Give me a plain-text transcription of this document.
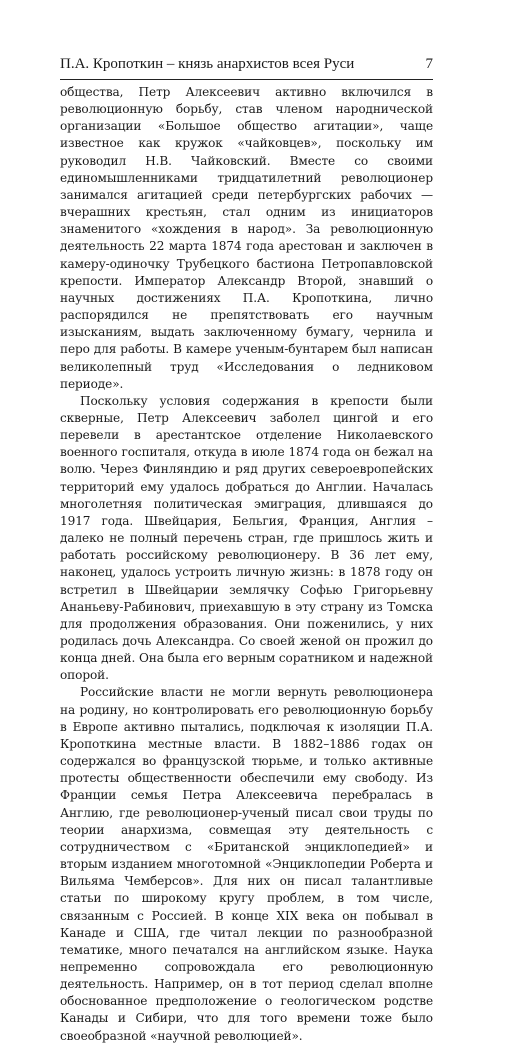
П.А. Кропоткин – князь анархистов всея Руси	7

общества, Петр Алексеевич активно включился в революционную борьбу, став членом народнической организации «Большое общество агитации», чаще известное как кружок «чайковцев», поскольку им руководил Н.В. Чайковский. Вместе со своими единомышленниками тридцатилетний революционер занимался агитацией среди петербургских рабочих — вчерашних крестьян, стал одним из инициаторов знаменитого «хождения в народ». За революционную деятельность 22 марта 1874 года арестован и заключен в камеру-одиночку Трубецкого бастиона Петропавловской крепости. Император Александр Второй, знавший о научных достижениях П.А. Кропоткина, лично распорядился не препятствовать его научным изысканиям, выдать заключенному бумагу, чернила и перо для работы. В камере ученым-бунтарем был написан великолепный труд «Исследования о ледниковом периоде».

Поскольку условия содержания в крепости были скверные, Петр Алексеевич заболел цингой и его перевели в арестантское отделение Николаевского военного госпиталя, откуда в июле 1874 года он бежал на волю. Через Финляндию и ряд других североевропейских территорий ему удалось добраться до Англии. Началась многолетняя политическая эмиграция, длившаяся до 1917 года. Швейцария, Бельгия, Франция, Англия – далеко не полный перечень стран, где пришлось жить и работать российскому революционеру. В 36 лет ему, наконец, удалось устроить личную жизнь: в 1878 году он встретил в Швейцарии землячку Софью Григорьевну Ананьеву-Рабинович, приехавшую в эту страну из Томска для продолжения образования. Они поженились, у них родилась дочь Александра. Со своей женой он прожил до конца дней. Она была его верным соратником и надежной опорой.

Российские власти не могли вернуть революционера на родину, но контролировать его революционную борьбу в Европе активно пытались, подключая к изоляции П.А. Кропоткина местные власти. В 1882–1886 годах он содержался во французской тюрьме, и только активные протесты общественности обеспечили ему свободу. Из Франции семья Петра Алексеевича перебралась в Англию, где революционер-ученый писал свои труды по теории анархизма, совмещая эту деятельность с сотрудничеством с «Британской энциклопедией» и вторым изданием многотомной «Энциклопедии Роберта и Вильяма Чемберсов». Для них он писал талантливые статьи по широкому кругу проблем, в том числе, связанным с Россией. В конце XIX века он побывал в Канаде и США, где читал лекции по разнообразной тематике, много печатался на английском языке. Наука непременно сопровождала его революционную деятельность. Например, он в тот период сделал вполне обоснованное предположение о геологическом родстве Канады и Сибири, что для того времени тоже было своеобразной «научной революцией».
